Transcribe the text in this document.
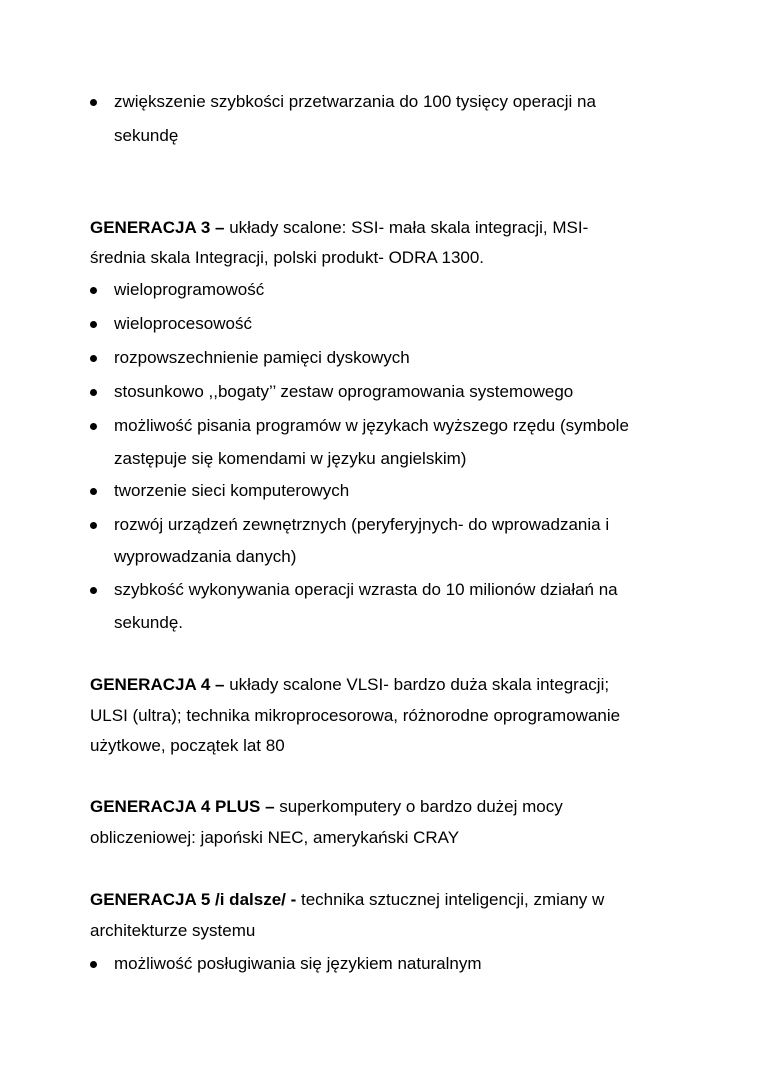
zwiększenie szybkości przetwarzania do 100 tysięcy operacji na
sekundę
GENERACJA 3 – układy scalone: SSI- mała skala integracji, MSI-
średnia skala Integracji, polski produkt- ODRA 1300.
wieloprogramowość
wieloprocesowość
rozpowszechnienie pamięci dyskowych
stosunkowo ,,bogaty’’ zestaw oprogramowania systemowego
możliwość pisania programów w językach wyższego rzędu (symbole
zastępuje się komendami w języku angielskim)
tworzenie sieci komputerowych
rozwój urządzeń zewnętrznych (peryferyjnych- do wprowadzania i
wyprowadzania danych)
szybkość wykonywania operacji wzrasta do 10 milionów działań na
sekundę.
GENERACJA 4 – układy scalone VLSI- bardzo duża skala integracji;
ULSI (ultra); technika mikroprocesorowa, różnorodne oprogramowanie
użytkowe, początek lat 80
GENERACJA 4 PLUS – superkomputery o bardzo dużej mocy
obliczeniowej: japoński NEC, amerykański CRAY
GENERACJA 5 /i dalsze/ - technika sztucznej inteligencji, zmiany w
architekturze systemu
możliwość posługiwania się językiem naturalnym
